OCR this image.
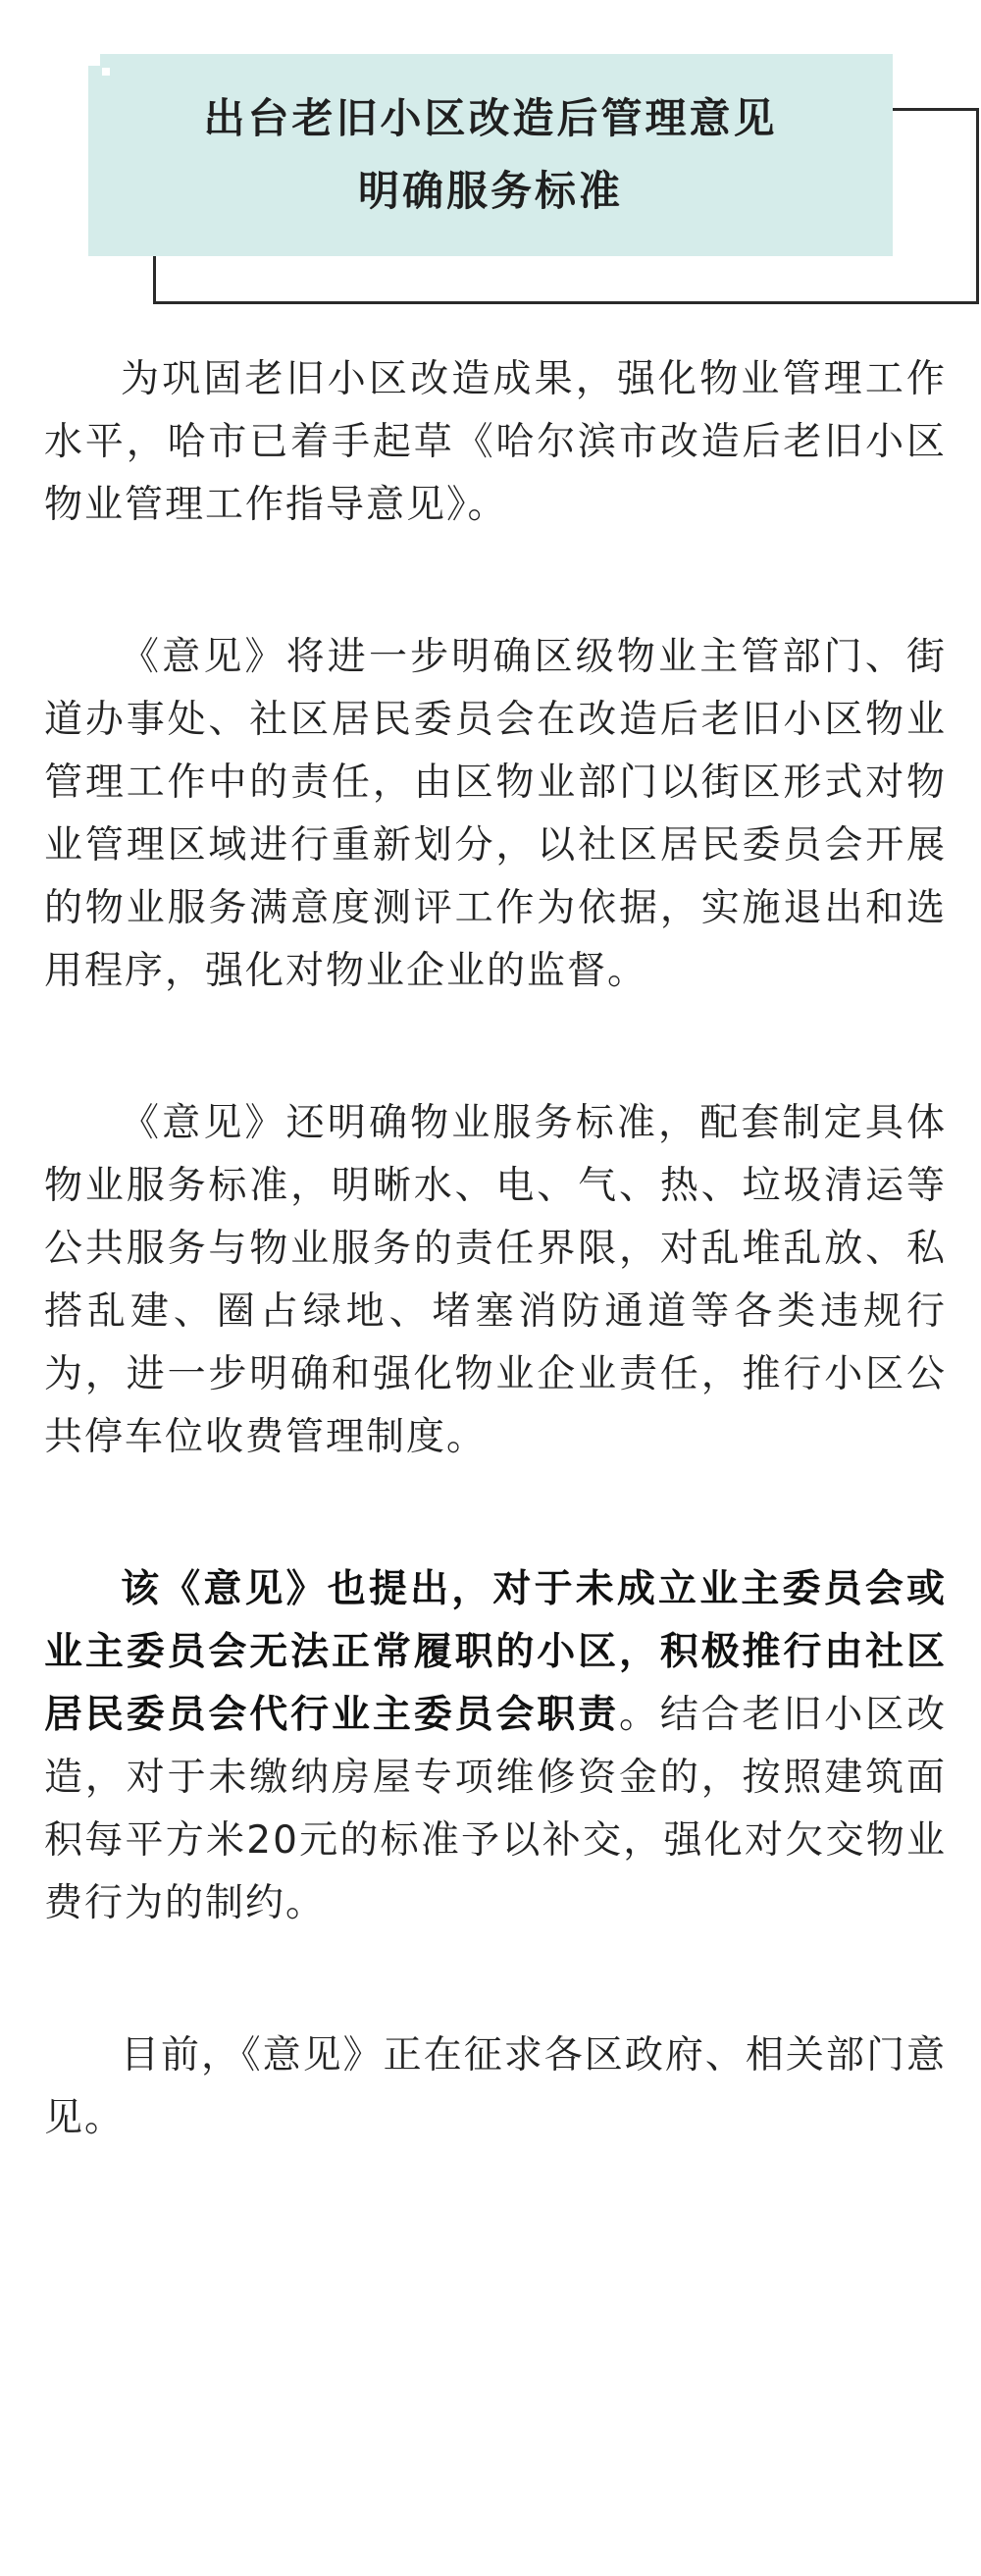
出台老旧小区改造后管理意见
明确服务标准

为巩固老旧小区改造成果，强化物业管理工作水平，哈市已着手起草《哈尔滨市改造后老旧小区物业管理工作指导意见》。

《意见》将进一步明确区级物业主管部门、街道办事处、社区居民委员会在改造后老旧小区物业管理工作中的责任，由区物业部门以街区形式对物业管理区域进行重新划分，以社区居民委员会开展的物业服务满意度测评工作为依据，实施退出和选用程序，强化对物业企业的监督。

《意见》还明确物业服务标准，配套制定具体物业服务标准，明晰水、电、气、热、垃圾清运等公共服务与物业服务的责任界限，对乱堆乱放、私搭乱建、圈占绿地、堵塞消防通道等各类违规行为，进一步明确和强化物业企业责任，推行小区公共停车位收费管理制度。

该《意见》也提出，对于未成立业主委员会或业主委员会无法正常履职的小区，积极推行由社区居民委员会代行业主委员会职责。结合老旧小区改造，对于未缴纳房屋专项维修资金的，按照建筑面积每平方米20元的标准予以补交，强化对欠交物业费行为的制约。

目前，《意见》正在征求各区政府、相关部门意见。
